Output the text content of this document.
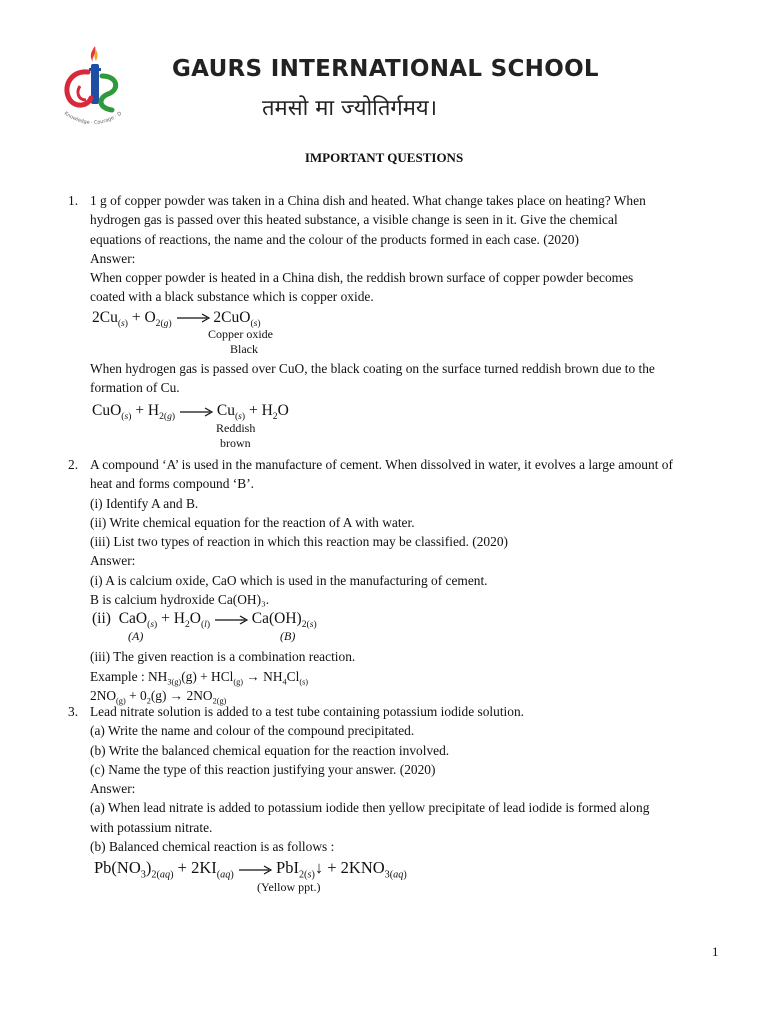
Knowledge · Courage · D

GAURS INTERNATIONAL SCHOOL

तमसो मा ज्योतिर्गमय।

IMPORTANT QUESTIONS

1. 1 g of copper powder was taken in a China dish and heated. What change takes place on heating? When
hydrogen gas is passed over this heated substance, a visible change is seen in it. Give the chemical
equations of reactions, the name and the colour of the products formed in each case. (2020)
Answer:
When copper powder is heated in a China dish, the reddish brown surface of copper powder becomes
coated with a black substance which is copper oxide.
$2Cu_{(s)} + O_{2(g)} \to 2CuO_{(s)}$
Copper oxide
Black
When hydrogen gas is passed over CuO, the black coating on the surface turned reddish brown due to the
formation of Cu.
$CuO_{(s)} + H_{2(g)} \to Cu_{(s)} + H_2O$
Reddish
brown
2. A compound ‘A’ is used in the manufacture of cement. When dissolved in water, it evolves a large amount of
heat and forms compound ‘B’.
(i) Identify A and B.
(ii) Write chemical equation for the reaction of A with water.
(iii) List two types of reaction in which this reaction may be classified. (2020)
Answer:
(i) A is calcium oxide, CaO which is used in the manufacturing of cement.
B is calcium hydroxide Ca(OH)₃.
(ii)  $CaO_{(s)} + H_2O_{(l)} \to Ca(OH)_{2(s)}$
(A)	(B)
(iii) The given reaction is a combination reaction.
Example : $NH_{3(g)}(g) + HCl_{(g)} \to NH_4Cl_{(s)}$
$2NO_{(g)} + 0_2(g) \to 2NO_{2(g)}$
3. Lead nitrate solution is added to a test tube containing potassium iodide solution.
(a) Write the name and colour of the compound precipitated.
(b) Write the balanced chemical equation for the reaction involved.
(c) Name the type of this reaction justifying your answer. (2020)
Answer:
(a) When lead nitrate is added to potassium iodide then yellow precipitate of lead iodide is formed along
with potassium nitrate.
(b) Balanced chemical reaction is as follows :
$Pb(NO_3)_{2(aq)} + 2KI_{(aq)}$ → PbI$_{2(s)}$↓ + $2KNO_{3(aq)}$
(Yellow ppt.)
1
